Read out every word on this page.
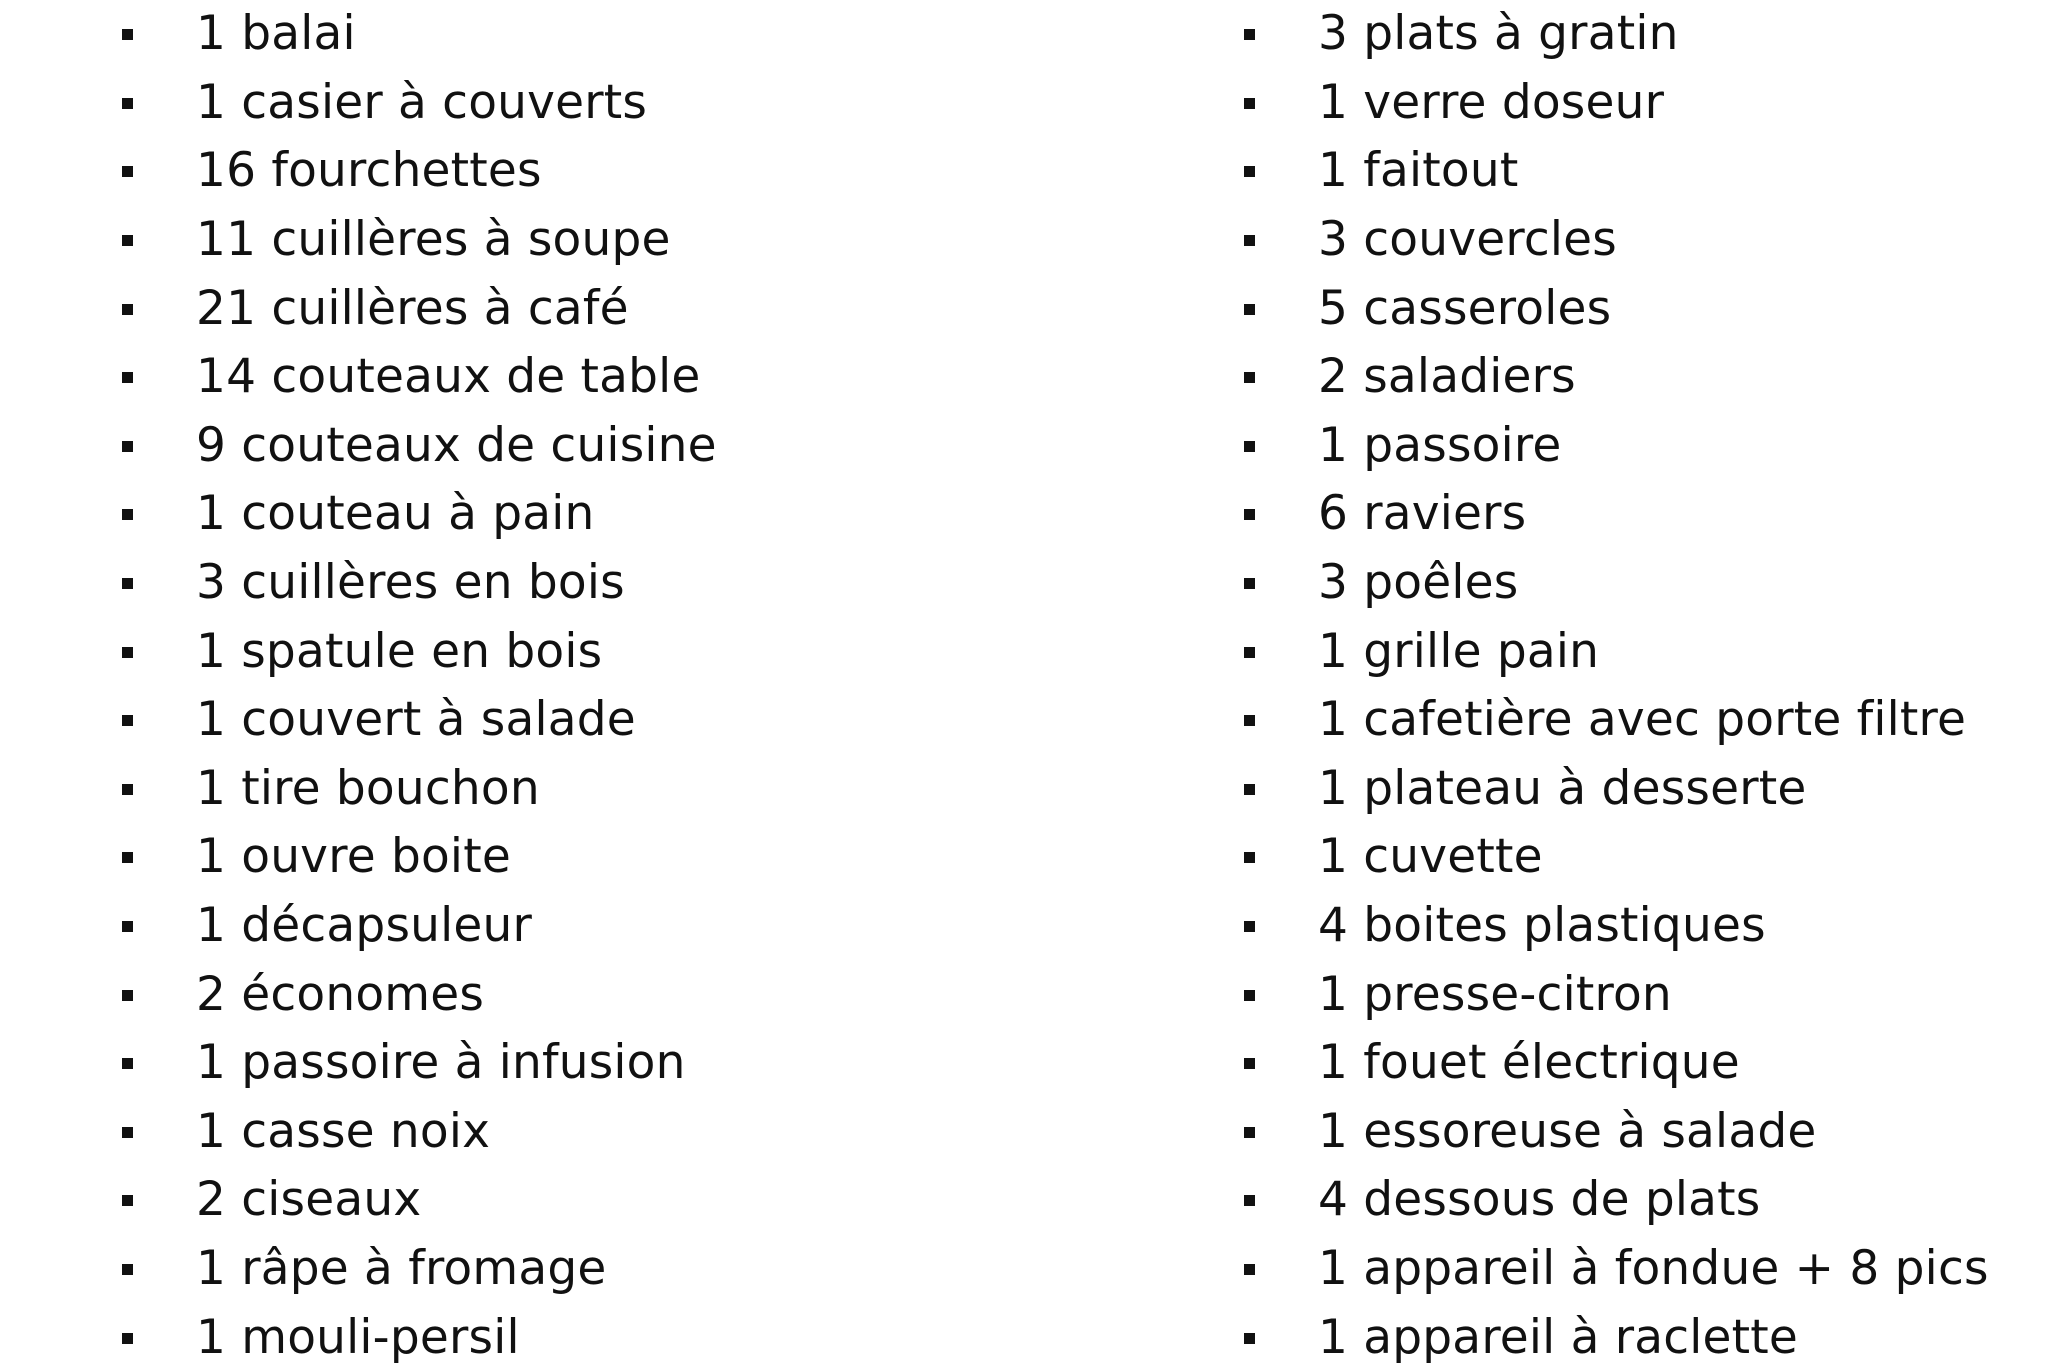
1 balai
1 casier à couverts
16 fourchettes
11 cuillères à soupe
21 cuillères à café
14 couteaux de table
9 couteaux de cuisine
1 couteau à pain
3 cuillères en bois
1 spatule en bois
1 couvert à salade
1 tire bouchon
1 ouvre boite
1 décapsuleur
2 économes
1 passoire à infusion
1 casse noix
2 ciseaux
1 râpe à fromage
1 mouli-persil
3 plats à gratin
1 verre doseur
1 faitout
3 couvercles
5 casseroles
2 saladiers
1 passoire
6 raviers
3 poêles
1 grille pain
1 cafetière avec porte filtre
1 plateau à desserte
1 cuvette
4 boites plastiques
1 presse-citron
1 fouet électrique
1 essoreuse à salade
4 dessous de plats
1 appareil à fondue + 8 pics
1 appareil à raclette
